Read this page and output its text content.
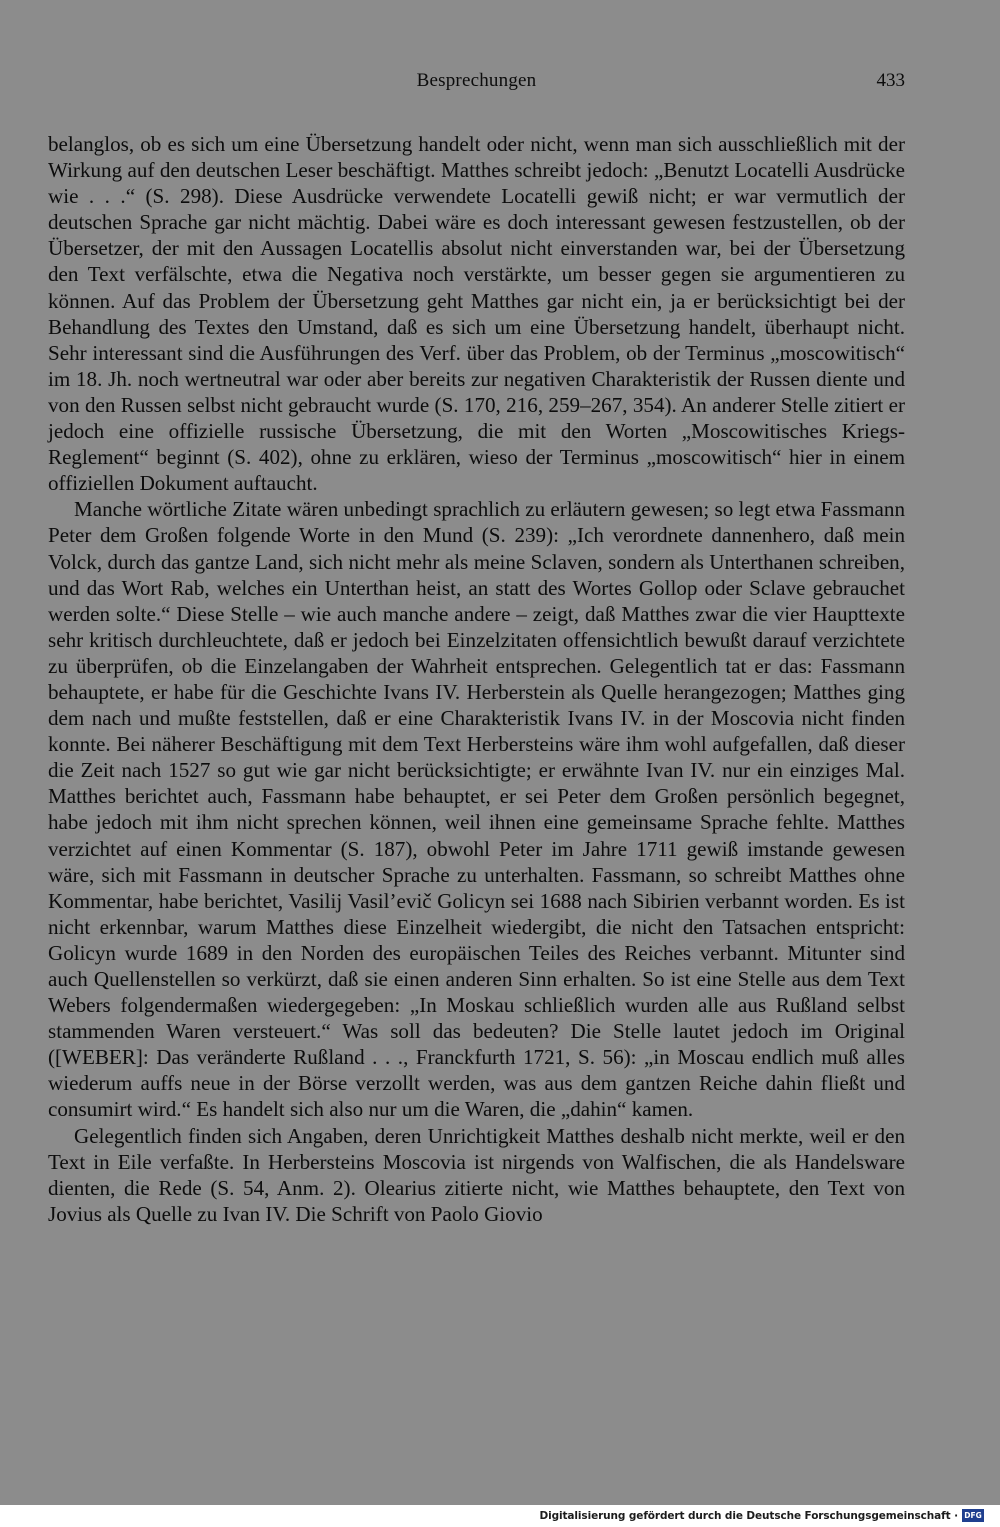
Besprechungen	433

belanglos, ob es sich um eine Übersetzung handelt oder nicht, wenn man sich ausschließlich mit der Wirkung auf den deutschen Leser beschäftigt. Matthes schreibt jedoch: „Benutzt Locatelli Ausdrücke wie . . .“ (S. 298). Diese Ausdrücke verwendete Locatelli gewiß nicht; er war vermutlich der deutschen Sprache gar nicht mächtig. Dabei wäre es doch interessant gewesen festzustellen, ob der Übersetzer, der mit den Aussagen Locatellis absolut nicht einverstanden war, bei der Übersetzung den Text verfälschte, etwa die Negativa noch verstärkte, um besser gegen sie argumentieren zu können. Auf das Problem der Übersetzung geht Matthes gar nicht ein, ja er berücksichtigt bei der Behandlung des Textes den Umstand, daß es sich um eine Übersetzung handelt, überhaupt nicht. Sehr interessant sind die Ausführungen des Verf. über das Problem, ob der Terminus „moscowitisch“ im 18. Jh. noch wertneutral war oder aber bereits zur negativen Charakteristik der Russen diente und von den Russen selbst nicht gebraucht wurde (S. 170, 216, 259–267, 354). An anderer Stelle zitiert er jedoch eine offizielle russische Übersetzung, die mit den Worten „Moscowitisches Kriegs-Reglement“ beginnt (S. 402), ohne zu erklären, wieso der Terminus „moscowitisch“ hier in einem offiziellen Dokument auftaucht.

Manche wörtliche Zitate wären unbedingt sprachlich zu erläutern gewesen; so legt etwa Fassmann Peter dem Großen folgende Worte in den Mund (S. 239): „Ich verordnete dannenhero, daß mein Volck, durch das gantze Land, sich nicht mehr als meine Sclaven, sondern als Unterthanen schreiben, und das Wort Rab, welches ein Unterthan heist, an statt des Wortes Gollop oder Sclave gebrauchet werden solte.“ Diese Stelle – wie auch manche andere – zeigt, daß Matthes zwar die vier Haupttexte sehr kritisch durchleuchtete, daß er jedoch bei Einzelzitaten offensichtlich bewußt darauf verzichtete zu überprüfen, ob die Einzelangaben der Wahrheit entsprechen. Gelegentlich tat er das: Fassmann behauptete, er habe für die Geschichte Ivans IV. Herberstein als Quelle herangezogen; Matthes ging dem nach und mußte feststellen, daß er eine Charakteristik Ivans IV. in der Moscovia nicht finden konnte. Bei näherer Beschäftigung mit dem Text Herbersteins wäre ihm wohl aufgefallen, daß dieser die Zeit nach 1527 so gut wie gar nicht berücksichtigte; er erwähnte Ivan IV. nur ein einziges Mal. Matthes berichtet auch, Fassmann habe behauptet, er sei Peter dem Großen persönlich begegnet, habe jedoch mit ihm nicht sprechen können, weil ihnen eine gemeinsame Sprache fehlte. Matthes verzichtet auf einen Kommentar (S. 187), obwohl Peter im Jahre 1711 gewiß imstande gewesen wäre, sich mit Fassmann in deutscher Sprache zu unterhalten. Fassmann, so schreibt Matthes ohne Kommentar, habe berichtet, Vasilij Vasil’evič Golicyn sei 1688 nach Sibirien verbannt worden. Es ist nicht erkennbar, warum Matthes diese Einzelheit wiedergibt, die nicht den Tatsachen entspricht: Golicyn wurde 1689 in den Norden des europäischen Teiles des Reiches verbannt. Mitunter sind auch Quellenstellen so verkürzt, daß sie einen anderen Sinn erhalten. So ist eine Stelle aus dem Text Webers folgendermaßen wiedergegeben: „In Moskau schließlich wurden alle aus Rußland selbst stammenden Waren versteuert.“ Was soll das bedeuten? Die Stelle lautet jedoch im Original ([WEBER]: Das veränderte Rußland . . ., Franckfurth 1721, S. 56): „in Moscau endlich muß alles wiederum auffs neue in der Börse verzollt werden, was aus dem gantzen Reiche dahin fließt und consumirt wird.“ Es handelt sich also nur um die Waren, die „dahin“ kamen.

Gelegentlich finden sich Angaben, deren Unrichtigkeit Matthes deshalb nicht merkte, weil er den Text in Eile verfaßte. In Herbersteins Moscovia ist nirgends von Walfischen, die als Handelsware dienten, die Rede (S. 54, Anm. 2). Olearius zitierte nicht, wie Matthes behauptete, den Text von Jovius als Quelle zu Ivan IV. Die Schrift von Paolo Giovio

Digitalisierung gefördert durch die Deutsche Forschungsgemeinschaft · DFG
